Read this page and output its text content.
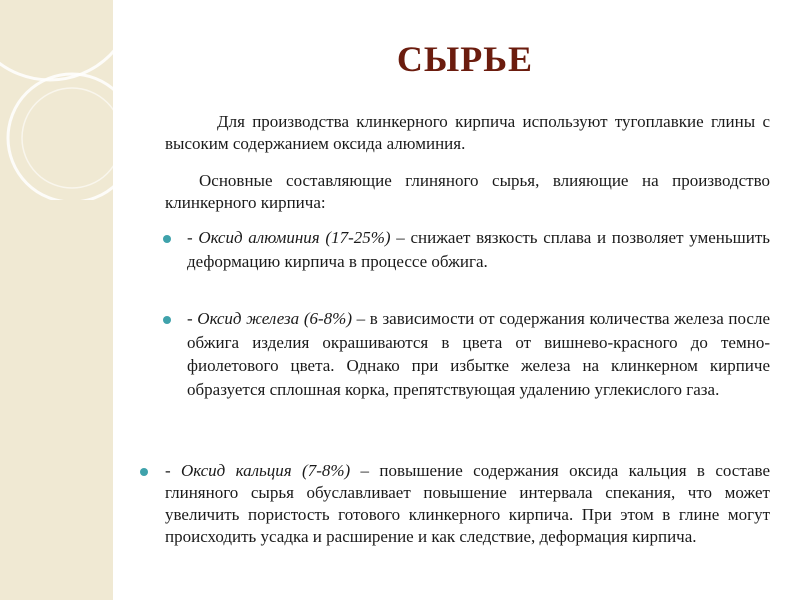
СЫРЬЕ
Для производства клинкерного кирпича используют тугоплавкие глины с высоким содержанием оксида алюминия.
Основные составляющие глиняного сырья, влияющие на производство клинкерного кирпича:
- Оксид алюминия (17-25%) – снижает вязкость сплава и позволяет уменьшить деформацию кирпича в процессе обжига.
- Оксид железа (6-8%) – в зависимости от содержания количества железа после обжига изделия окрашиваются в цвета от вишнево-красного до темно-фиолетового цвета. Однако при избытке железа на клинкерном кирпиче образуется сплошная корка, препятствующая удалению углекислого газа.
- Оксид кальция (7-8%) – повышение содержания оксида кальция в составе глиняного сырья обуславливает повышение интервала спекания, что может увеличить пористость готового клинкерного кирпича. При этом в глине могут происходить усадка и расширение и как следствие, деформация кирпича.
